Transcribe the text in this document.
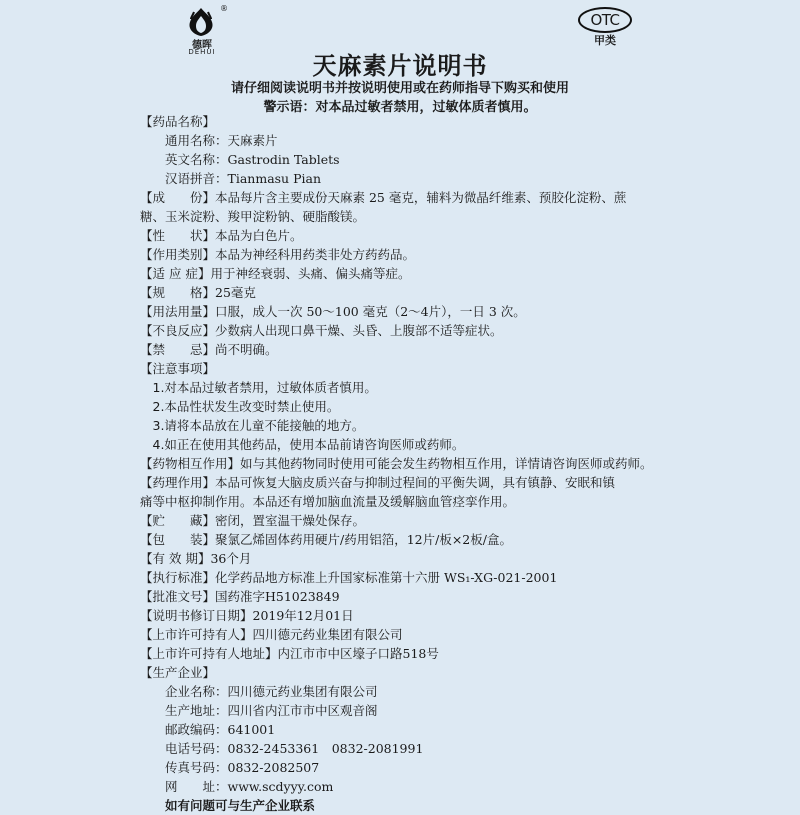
®
德晖
DEHUI
OTC
甲类
天麻素片说明书
请仔细阅读说明书并按说明使用或在药师指导下购买和使用
警示语：对本品过敏者禁用，过敏体质者慎用。
【药品名称】
　　通用名称：天麻素片
　　英文名称：Gastrodin Tablets
　　汉语拼音：Tianmasu Pian
【成　　份】本品每片含主要成份天麻素 25 毫克，辅料为微晶纤维素、预胶化淀粉、蔗
糖、玉米淀粉、羧甲淀粉钠、硬脂酸镁。
【性　　状】本品为白色片。
【作用类别】本品为神经科用药类非处方药药品。
【适 应 症】用于神经衰弱、头痛、偏头痛等症。
【规　　格】25毫克
【用法用量】口服，成人一次 50～100 毫克（2～4片），一日 3 次。
【不良反应】少数病人出现口鼻干燥、头昏、上腹部不适等症状。
【禁　　忌】尚不明确。
【注意事项】
　1.对本品过敏者禁用，过敏体质者慎用。
　2.本品性状发生改变时禁止使用。
　3.请将本品放在儿童不能接触的地方。
　4.如正在使用其他药品，使用本品前请咨询医师或药师。
【药物相互作用】如与其他药物同时使用可能会发生药物相互作用，详情请咨询医师或药师。
【药理作用】本品可恢复大脑皮质兴奋与抑制过程间的平衡失调，具有镇静、安眠和镇
痛等中枢抑制作用。本品还有增加脑血流量及缓解脑血管痉挛作用。
【贮　　藏】密闭，置室温干燥处保存。
【包　　装】聚氯乙烯固体药用硬片/药用铝箔，12片/板×2板/盒。
【有 效 期】36个月
【执行标准】化学药品地方标准上升国家标准第十六册 WS₁-XG-021-2001
【批准文号】国药准字H51023849
【说明书修订日期】2019年12月01日
【上市许可持有人】四川德元药业集团有限公司
【上市许可持有人地址】内江市市中区壕子口路518号
【生产企业】
　　企业名称：四川德元药业集团有限公司
　　生产地址：四川省内江市市中区观音阁
　　邮政编码：641001
　　电话号码：0832-2453361　0832-2081991
　　传真号码：0832-2082507
　　网　　址：www.scdyyy.com
　　如有问题可与生产企业联系
